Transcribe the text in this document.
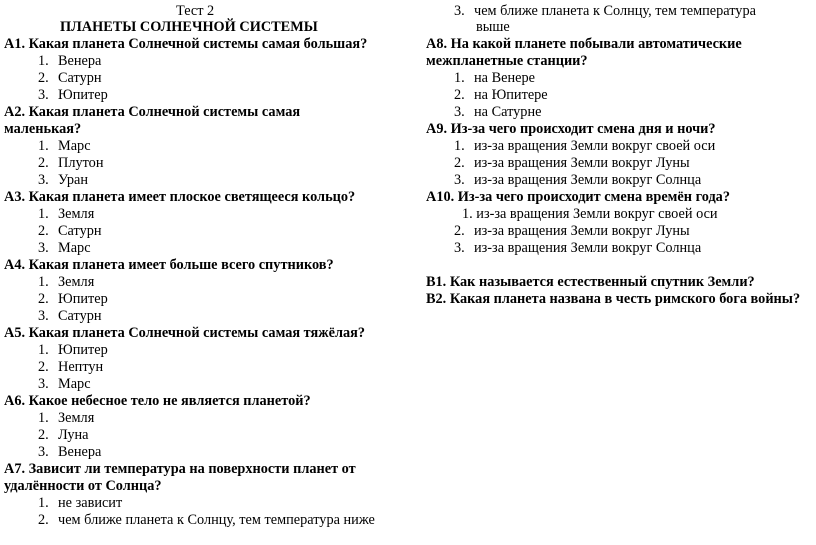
Тест 2
ПЛАНЕТЫ СОЛНЕЧНОЙ СИСТЕМЫ
А1. Какая планета Солнечной системы самая большая?
1. Венера
2. Сатурн
3. Юпитер
А2. Какая планета Солнечной системы самая
маленькая?
1. Марс
2. Плутон
3. Уран
А3. Какая планета имеет плоское светящееся кольцо?
1. Земля
2. Сатурн
3. Марс
А4. Какая планета имеет больше всего спутников?
1. Земля
2. Юпитер
3. Сатурн
А5. Какая планета Солнечной системы самая тяжёлая?
1. Юпитер
2. Нептун
3. Марс
А6. Какое небесное тело не является планетой?
1. Земля
2. Луна
3. Венера
А7. Зависит ли температура на поверхности планет от
удалённости от Солнца?
1. не зависит
2. чем ближе планета к Солнцу, тем температура ниже
3. чем ближе планета к Солнцу, тем температура
выше
А8. На какой планете побывали автоматические
межпланетные станции?
1. на Венере
2. на Юпитере
3. на Сатурне
А9. Из-за чего происходит смена дня и ночи?
1. из-за вращения Земли вокруг своей оси
2. из-за вращения Земли вокруг Луны
3. из-за вращения Земли вокруг Солнца
А10. Из-за чего происходит смена времён года?
1. из-за вращения Земли вокруг своей оси
2. из-за вращения Земли вокруг Луны
3. из-за вращения Земли вокруг Солнца
В1. Как называется естественный спутник Земли?
В2. Какая планета названа в честь римского бога войны?
